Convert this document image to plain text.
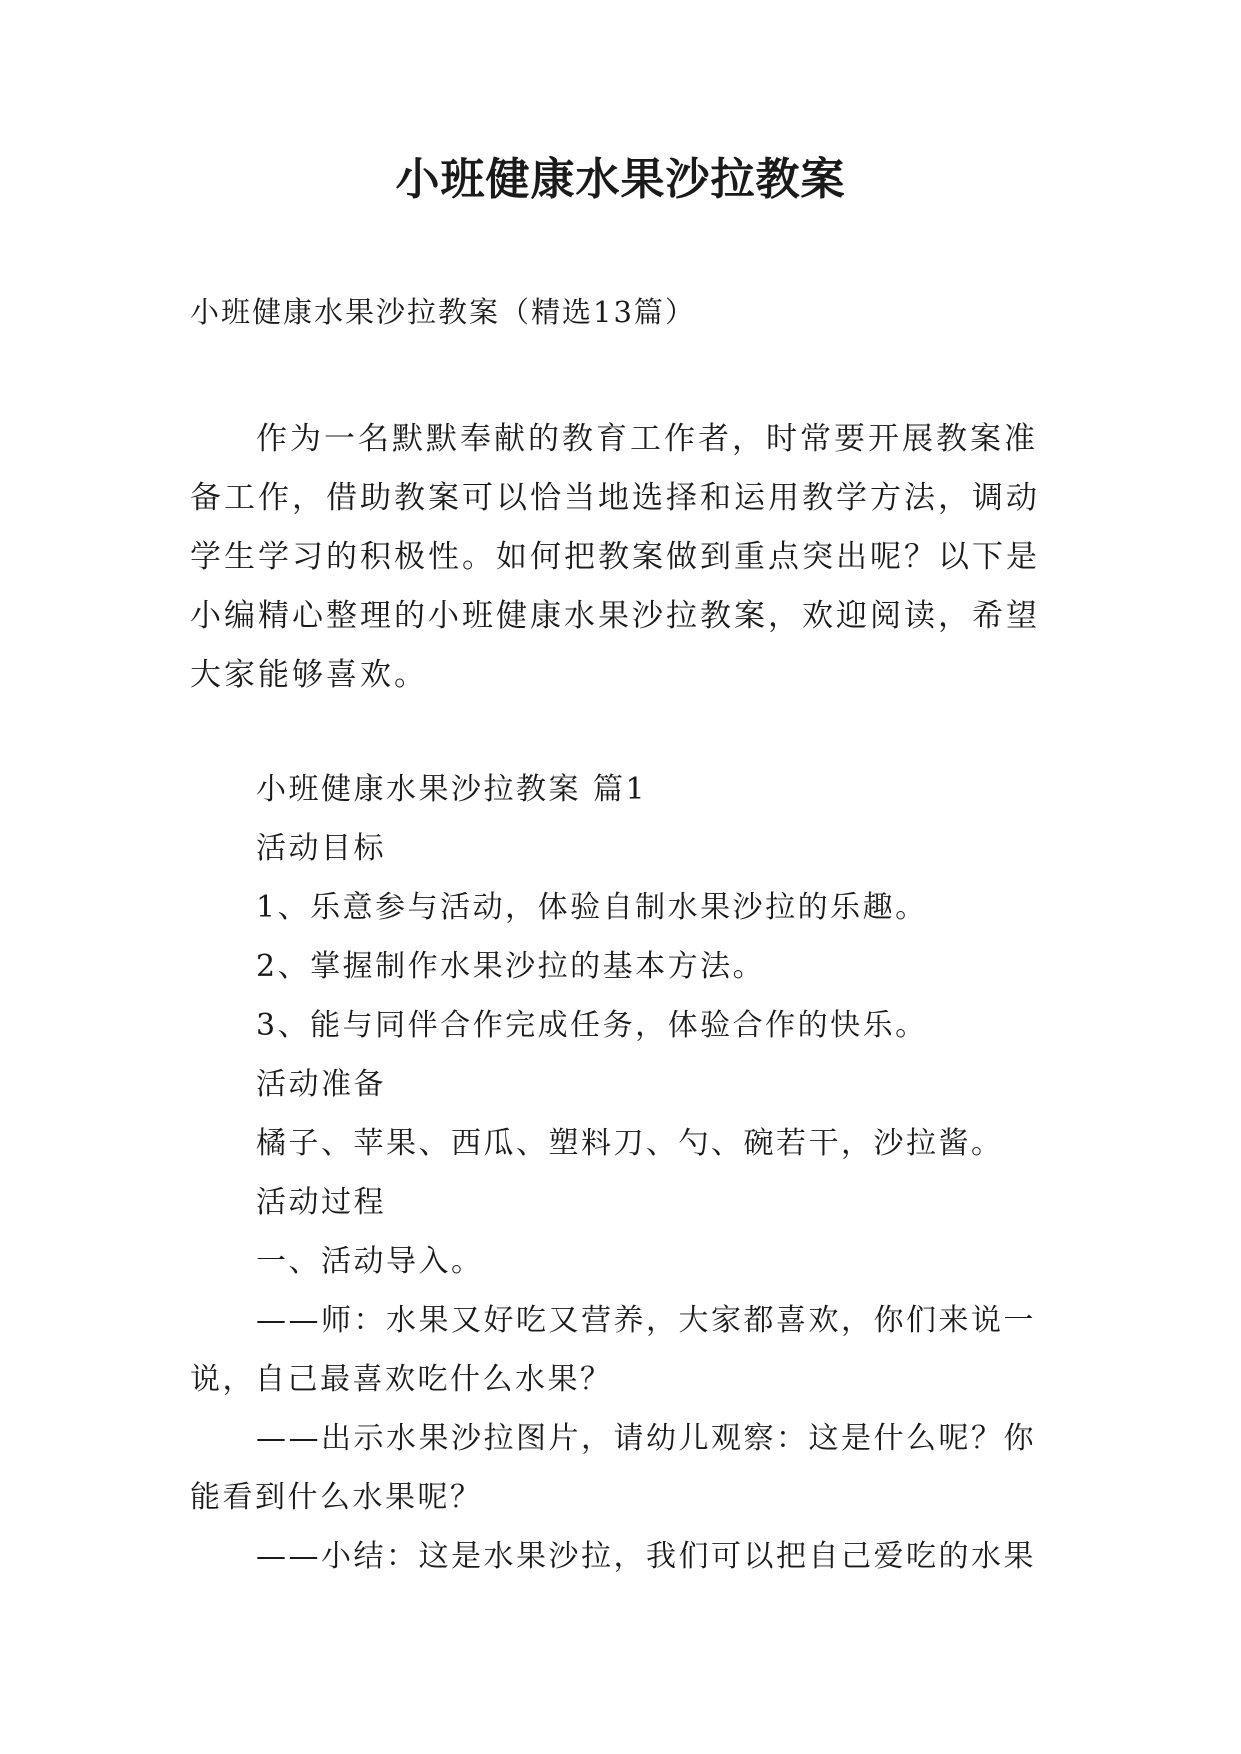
小班健康水果沙拉教案
小班健康水果沙拉教案（精选13篇）

作为一名默默奉献的教育工作者，时常要开展教案准备工作，借助教案可以恰当地选择和运用教学方法，调动学生学习的积极性。如何把教案做到重点突出呢？以下是小编精心整理的小班健康水果沙拉教案，欢迎阅读，希望大家能够喜欢。

小班健康水果沙拉教案 篇1

活动目标

1、乐意参与活动，体验自制水果沙拉的乐趣。

2、掌握制作水果沙拉的基本方法。

3、能与同伴合作完成任务，体验合作的快乐。

活动准备

橘子、苹果、西瓜、塑料刀、勺、碗若干，沙拉酱。

活动过程

一、活动导入。

——师：水果又好吃又营养，大家都喜欢，你们来说一说，自己最喜欢吃什么水果？

——出示水果沙拉图片，请幼儿观察：这是什么呢？你能看到什么水果呢？

——小结：这是水果沙拉，我们可以把自己爱吃的水果
